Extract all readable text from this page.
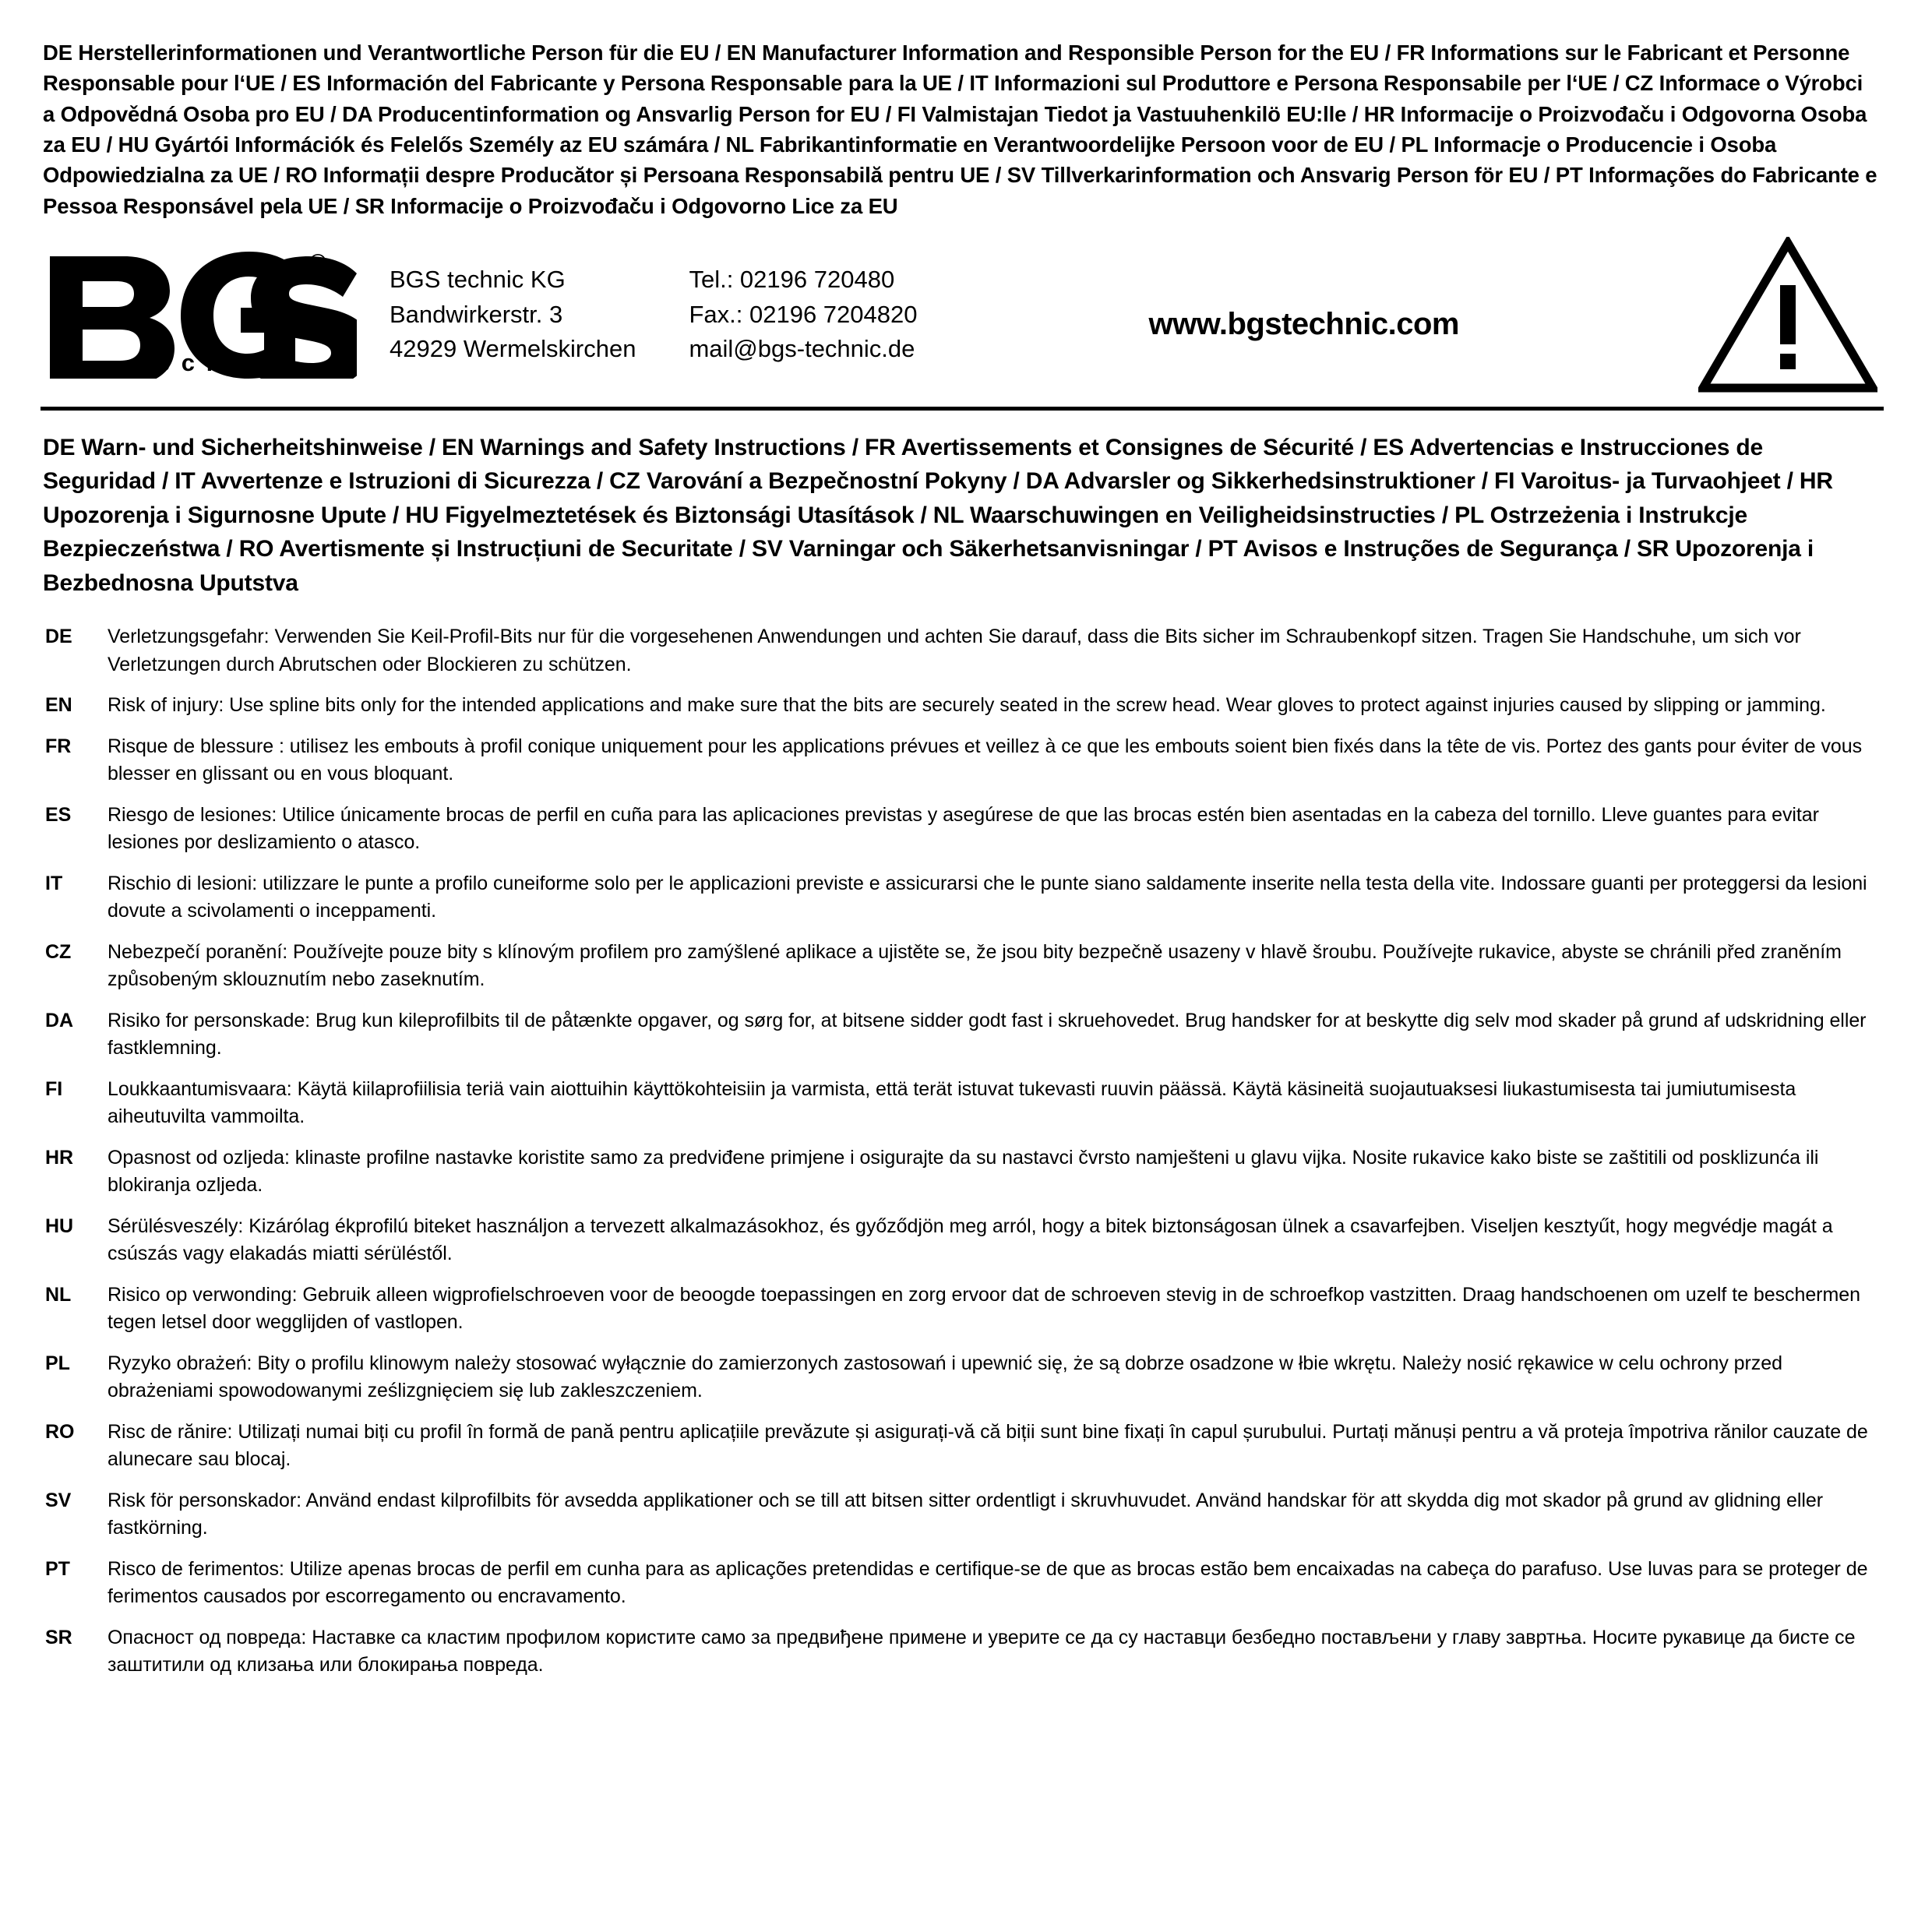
DE Herstellerinformationen und Verantwortliche Person für die EU / EN Manufacturer Information and Responsible Person for the EU / FR Informations sur le Fabricant et Personne Responsable pour l‘UE / ES Información del Fabricante y Persona Responsable para la UE / IT Informazioni sul Produttore e Persona Responsabile per l‘UE / CZ Informace o Výrobci a Odpovědná Osoba pro EU / DA Producentinformation og Ansvarlig Person for EU / FI Valmistajan Tiedot ja Vastuuhenkilö EU:lle / HR Informacije o Proizvođaču i Odgovorna Osoba za EU / HU Gyártói Információk és Felelős Személy az EU számára / NL Fabrikantinformatie en Verantwoordelijke Persoon voor de EU / PL Informacje o Producencie i Osoba Odpowiedzialna za UE / RO Informații despre Producător și Persoana Responsabilă pentru UE / SV Tillverkarinformation och Ansvarig Person för EU / PT Informações do Fabricante e Pessoa Responsável pela UE / SR Informacije o Proizvođaču i Odgovorno Lice za EU
®
t e c h n i c
BGS technic KG
Bandwirkerstr. 3
42929 Wermelskirchen
Tel.: 02196 720480
Fax.: 02196 7204820
mail@bgs-technic.de
www.bgstechnic.com
DE Warn- und Sicherheitshinweise / EN Warnings and Safety Instructions / FR Avertissements et Consignes de Sécurité / ES Advertencias e Instrucciones de Seguridad / IT Avvertenze e Istruzioni di Sicurezza / CZ Varování a Bezpečnostní Pokyny / DA Advarsler og Sikkerhedsinstruktioner / FI Varoitus- ja Turvaohjeet / HR Upozorenja i Sigurnosne Upute / HU Figyelmeztetések és Biztonsági Utasítások / NL Waarschuwingen en Veiligheidsinstructies / PL Ostrzeżenia i Instrukcje Bezpieczeństwa / RO Avertismente și Instrucțiuni de Securitate / SV Varningar och Säkerhetsanvisningar / PT Avisos e Instruções de Segurança / SR Upozorenja i Bezbednosna Uputstva
DE	Verletzungsgefahr: Verwenden Sie Keil-Profil-Bits nur für die vorgesehenen Anwendungen und achten Sie darauf, dass die Bits sicher im Schraubenkopf sitzen. Tragen Sie Handschuhe, um sich vor Verletzungen durch Abrutschen oder Blockieren zu schützen.
EN	Risk of injury: Use spline bits only for the intended applications and make sure that the bits are securely seated in the screw head. Wear gloves to protect against injuries caused by slipping or jamming.
FR	Risque de blessure : utilisez les embouts à profil conique uniquement pour les applications prévues et veillez à ce que les embouts soient bien fixés dans la tête de vis. Portez des gants pour éviter de vous blesser en glissant ou en vous bloquant.
ES	Riesgo de lesiones: Utilice únicamente brocas de perfil en cuña para las aplicaciones previstas y asegúrese de que las brocas estén bien asentadas en la cabeza del tornillo. Lleve guantes para evitar lesiones por deslizamiento o atasco.
IT	Rischio di lesioni: utilizzare le punte a profilo cuneiforme solo per le applicazioni previste e assicurarsi che le punte siano saldamente inserite nella testa della vite. Indossare guanti per proteggersi da lesioni dovute a scivolamenti o inceppamenti.
CZ	Nebezpečí poranění: Používejte pouze bity s klínovým profilem pro zamýšlené aplikace a ujistěte se, že jsou bity bezpečně usazeny v hlavě šroubu. Používejte rukavice, abyste se chránili před zraněním způsobeným sklouznutím nebo zaseknutím.
DA	Risiko for personskade: Brug kun kileprofilbits til de påtænkte opgaver, og sørg for, at bitsene sidder godt fast i skruehovedet. Brug handsker for at beskytte dig selv mod skader på grund af udskridning eller fastklemning.
FI	Loukkaantumisvaara: Käytä kiilaprofiilisia teriä vain aiottuihin käyttökohteisiin ja varmista, että terät istuvat tukevasti ruuvin päässä. Käytä käsineitä suojautuaksesi liukastumisesta tai jumiutumisesta aiheutuvilta vammoilta.
HR	Opasnost od ozljeda: klinaste profilne nastavke koristite samo za predviđene primjene i osigurajte da su nastavci čvrsto namješteni u glavu vijka. Nosite rukavice kako biste se zaštitili od posklizunća ili blokiranja ozljeda.
HU	Sérülésveszély: Kizárólag ékprofilú biteket használjon a tervezett alkalmazásokhoz, és győződjön meg arról, hogy a bitek biztonságosan ülnek a csavarfejben. Viseljen kesztyűt, hogy megvédje magát a csúszás vagy elakadás miatti sérüléstől.
NL	Risico op verwonding: Gebruik alleen wigprofielschroeven voor de beoogde toepassingen en zorg ervoor dat de schroeven stevig in de schroefkop vastzitten. Draag handschoenen om uzelf te beschermen tegen letsel door wegglijden of vastlopen.
PL	Ryzyko obrażeń: Bity o profilu klinowym należy stosować wyłącznie do zamierzonych zastosowań i upewnić się, że są dobrze osadzone w łbie wkrętu. Należy nosić rękawice w celu ochrony przed obrażeniami spowodowanymi ześlizgnięciem się lub zakleszczeniem.
RO	Risc de rănire: Utilizați numai biți cu profil în formă de pană pentru aplicațiile prevăzute și asigurați-vă că biții sunt bine fixați în capul șurubului. Purtați mănuși pentru a vă proteja împotriva rănilor cauzate de alunecare sau blocaj.
SV	Risk för personskador: Använd endast kilprofilbits för avsedda applikationer och se till att bitsen sitter ordentligt i skruvhuvudet. Använd handskar för att skydda dig mot skador på grund av glidning eller fastkörning.
PT	Risco de ferimentos: Utilize apenas brocas de perfil em cunha para as aplicações pretendidas e certifique-se de que as brocas estão bem encaixadas na cabeça do parafuso. Use luvas para se proteger de ferimentos causados por escorregamento ou encravamento.
SR	Опасност од повреда: Наставке са кластим профилом користите само за предвиђене примене и уверите се да су наставци безбедно постављени у главу завртња. Носите рукавице да бисте се заштитили од клизања или блокирања повреда.
